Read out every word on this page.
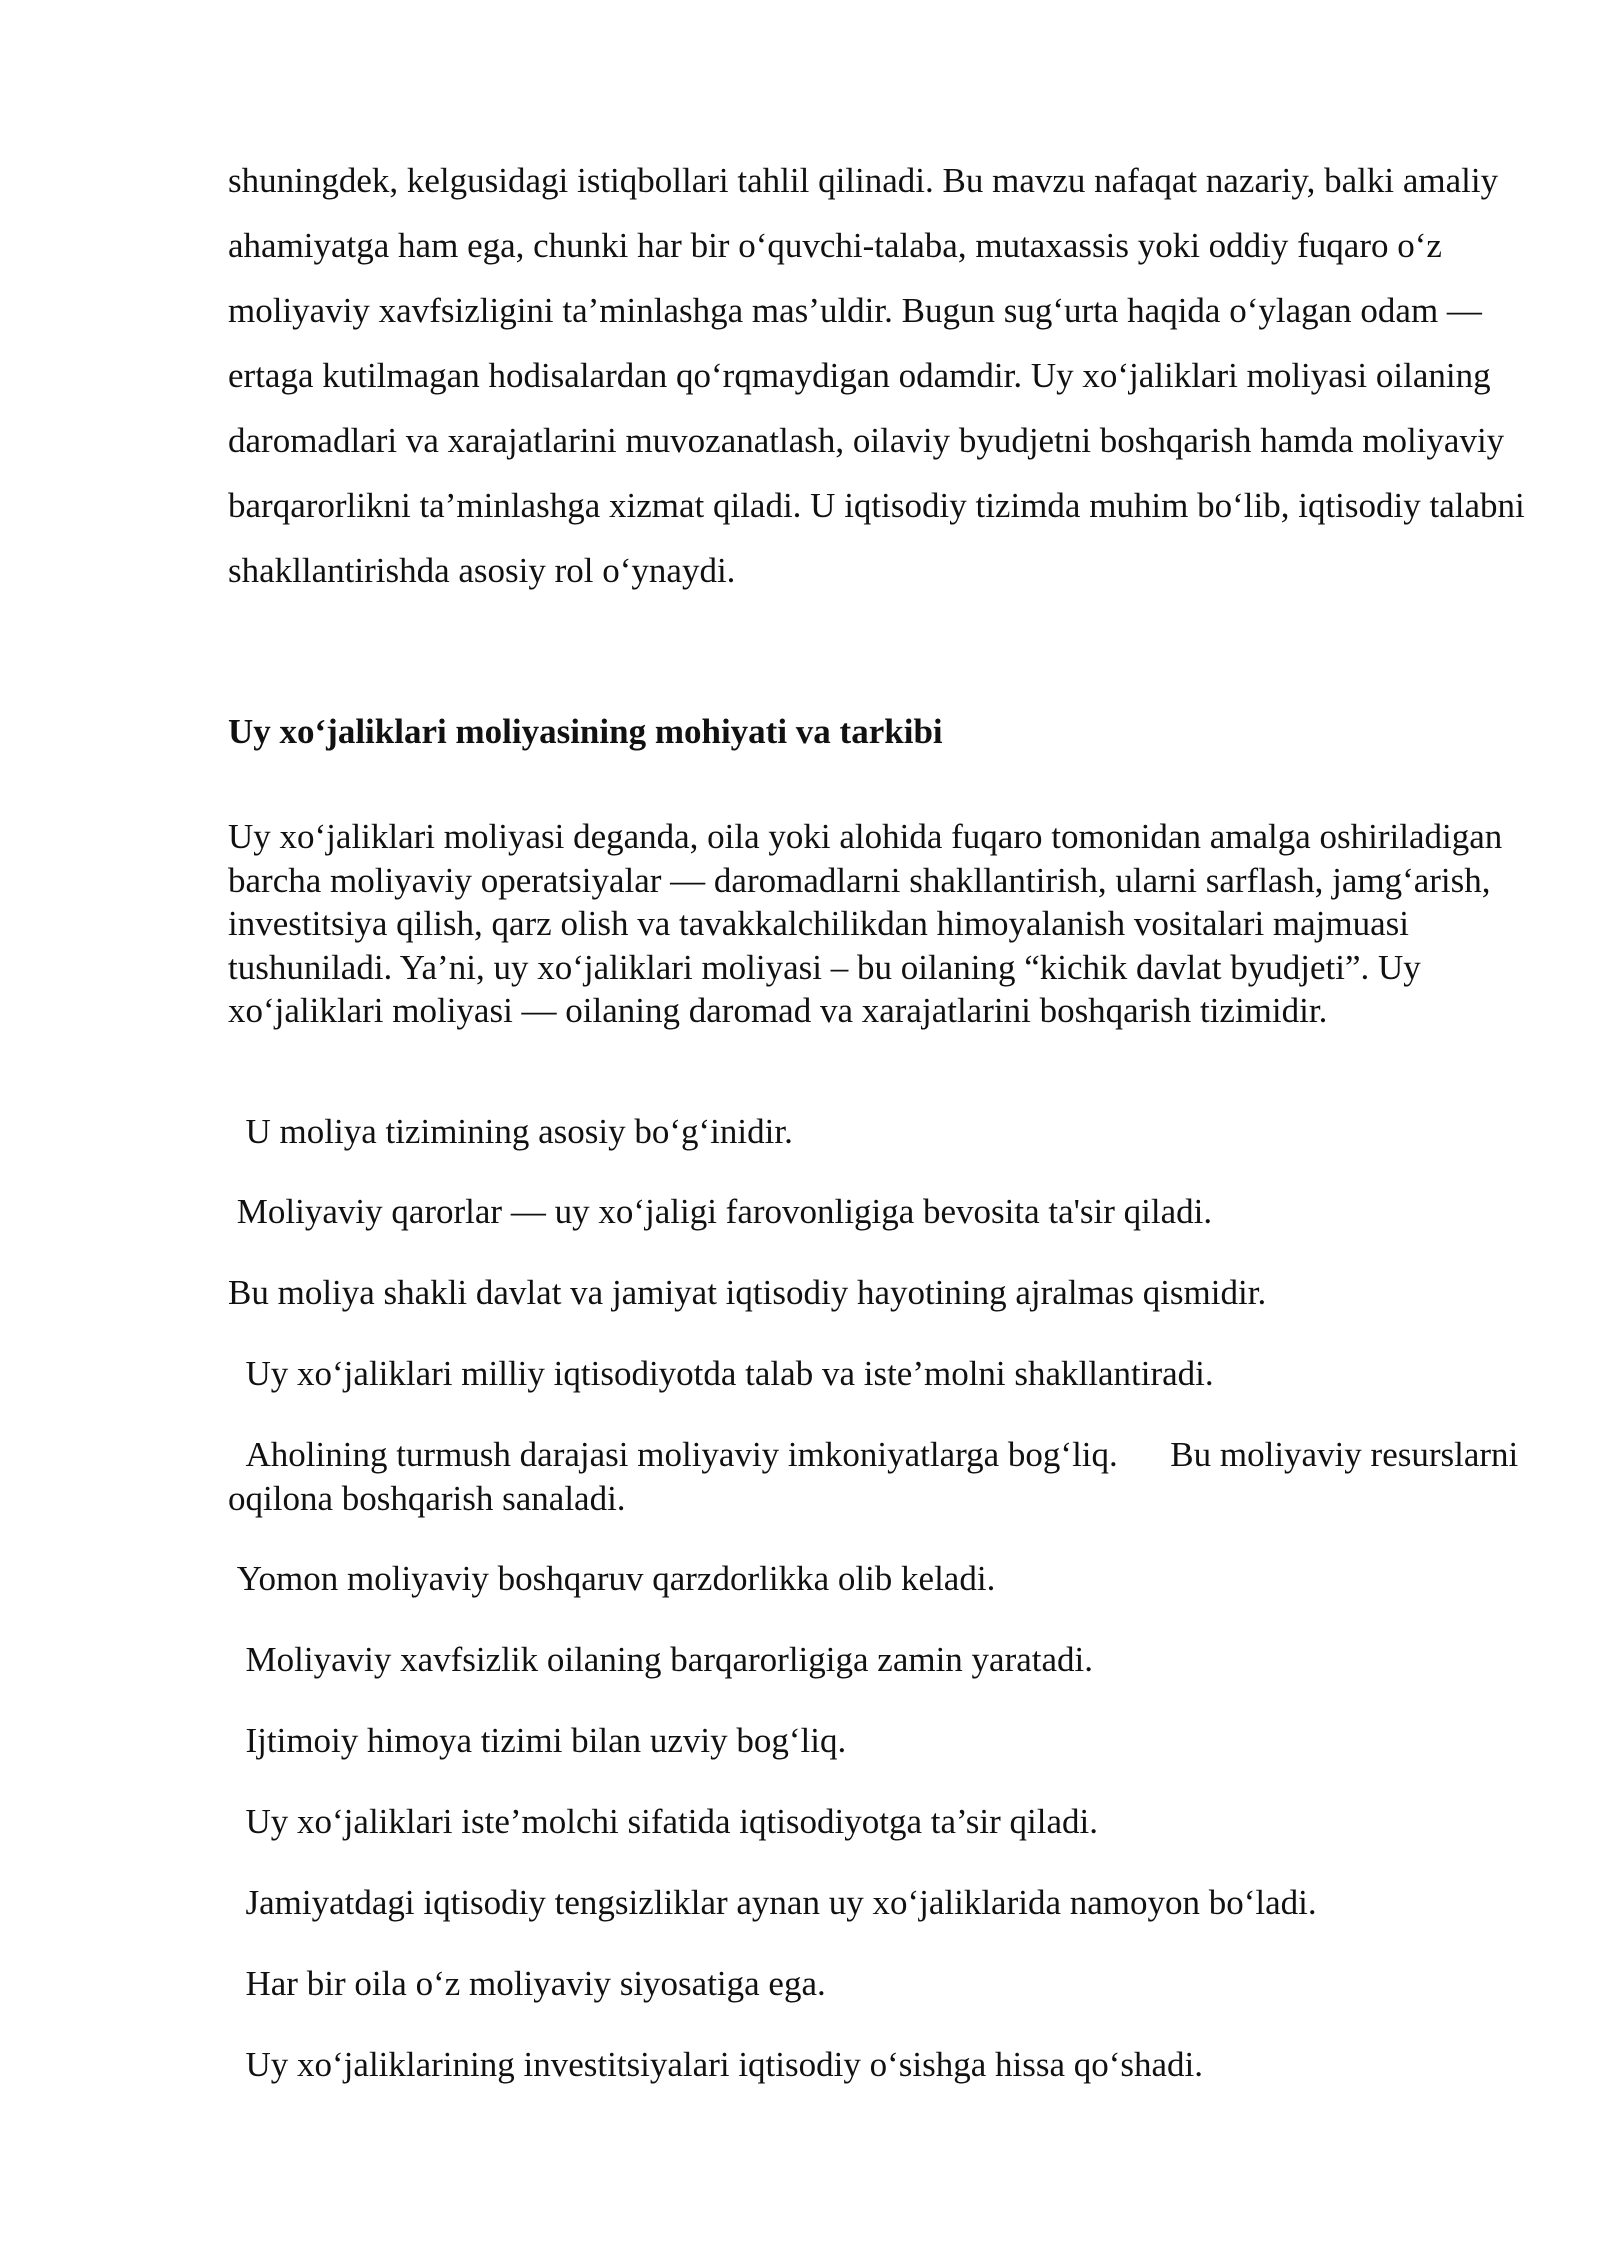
shuningdek, kelgusidagi istiqbollari tahlil qilinadi. Bu mavzu nafaqat nazariy, balki amaliy ahamiyatga ham ega, chunki har bir o‘quvchi-talaba, mutaxassis yoki oddiy fuqaro o‘z moliyaviy xavfsizligini ta’minlashga mas’uldir. Bugun sug‘urta haqida o‘ylagan odam — ertaga kutilmagan hodisalardan qo‘rqmaydigan odamdir. Uy xo‘jaliklari moliyasi oilaning daromadlari va xarajatlarini muvozanatlash, oilaviy byudjetni boshqarish hamda moliyaviy barqarorlikni ta’minlashga xizmat qiladi. U iqtisodiy tizimda muhim bo‘lib, iqtisodiy talabni shakllantirishda asosiy rol o‘ynaydi.

Uy xo‘jaliklari moliyasining mohiyati va tarkibi

Uy xo‘jaliklari moliyasi deganda, oila yoki alohida fuqaro tomonidan amalga oshiriladigan barcha moliyaviy operatsiyalar — daromadlarni shakllantirish, ularni sarflash, jamg‘arish, investitsiya qilish, qarz olish va tavakkalchilikdan himoyalanish vositalari majmuasi tushuniladi. Ya’ni, uy xo‘jaliklari moliyasi – bu oilaning “kichik davlat byudjeti”. Uy xo‘jaliklari moliyasi — oilaning daromad va xarajatlarini boshqarish tizimidir.

U moliya tizimining asosiy bo‘g‘inidir.

Moliyaviy qarorlar — uy xo‘jaligi farovonligiga bevosita ta'sir qiladi.

Bu moliya shakli davlat va jamiyat iqtisodiy hayotining ajralmas qismidir.

Uy xo‘jaliklari milliy iqtisodiyotda talab va iste’molni shakllantiradi.

Aholining turmush darajasi moliyaviy imkoniyatlarga bog‘liq.      Bu moliyaviy resurslarni oqilona boshqarish sanaladi.

Yomon moliyaviy boshqaruv qarzdorlikka olib keladi.

Moliyaviy xavfsizlik oilaning barqarorligiga zamin yaratadi.

Ijtimoiy himoya tizimi bilan uzviy bog‘liq.

Uy xo‘jaliklari iste’molchi sifatida iqtisodiyotga ta’sir qiladi.

Jamiyatdagi iqtisodiy tengsizliklar aynan uy xo‘jaliklarida namoyon bo‘ladi.

Har bir oila o‘z moliyaviy siyosatiga ega.

Uy xo‘jaliklarining investitsiyalari iqtisodiy o‘sishga hissa qo‘shadi.
